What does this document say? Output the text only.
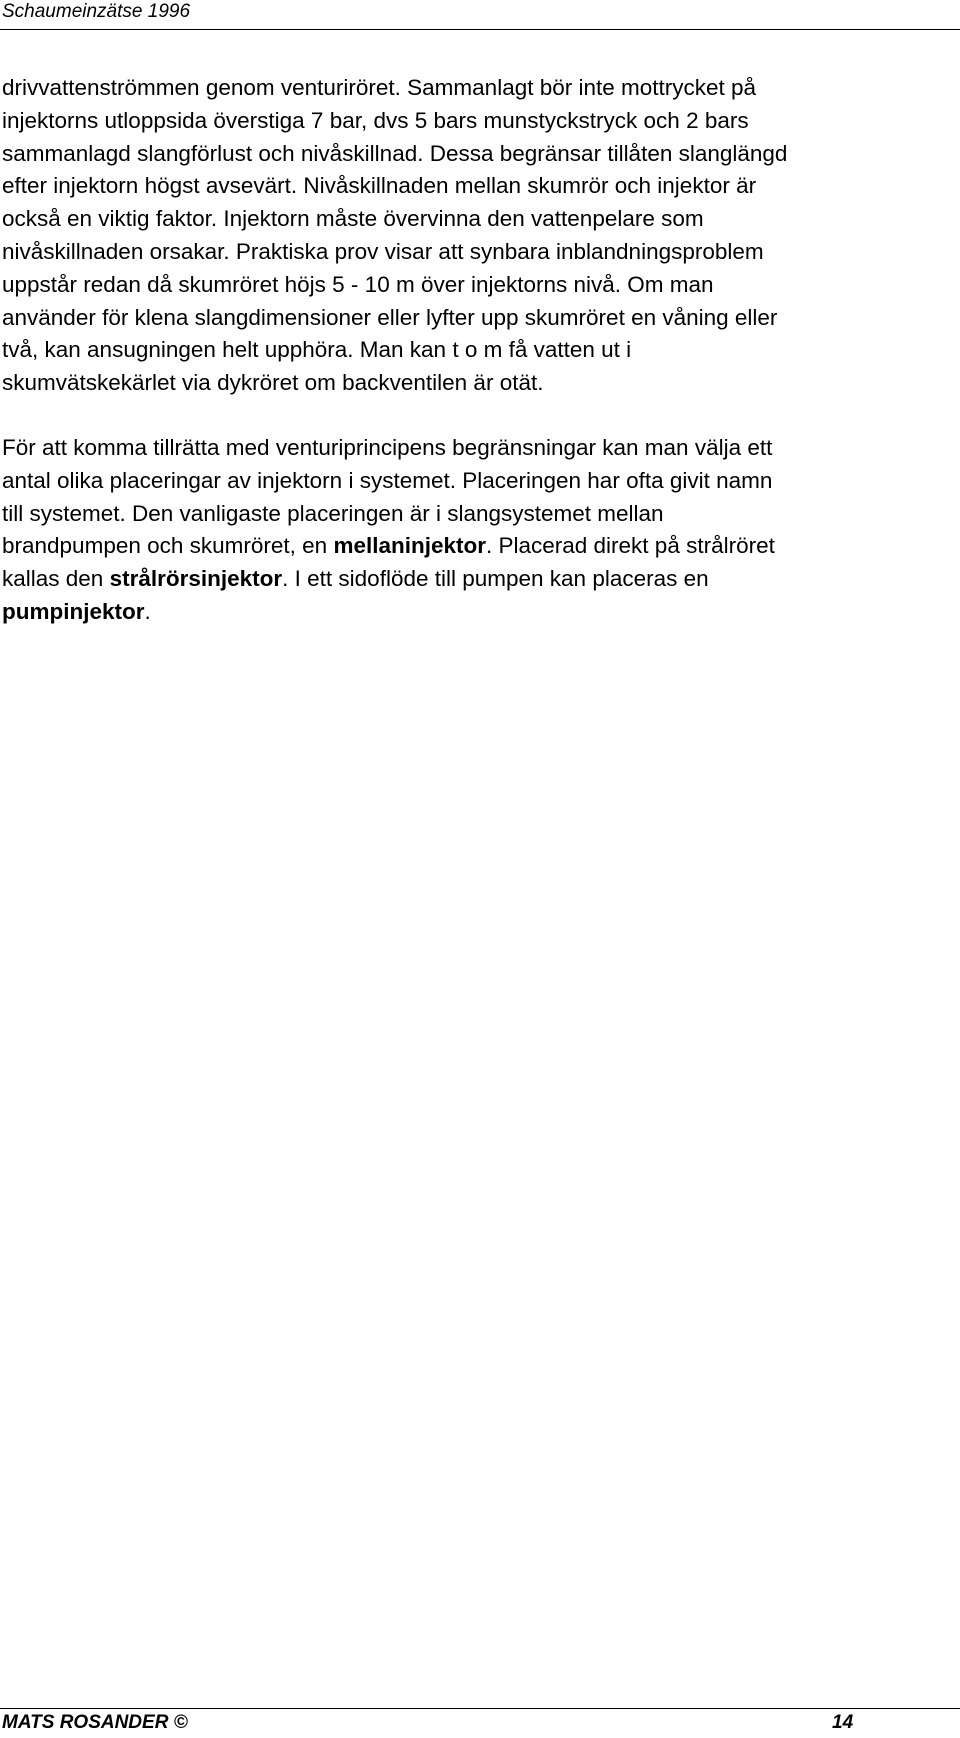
Schaumeinzätse 1996

drivvattenströmmen genom venturiröret. Sammanlagt bör inte mottrycket på
injektorns utloppsida överstiga 7 bar, dvs 5 bars munstyckstryck och 2 bars
sammanlagd slangförlust och nivåskillnad. Dessa begränsar tillåten slanglängd
efter injektorn högst avsevärt. Nivåskillnaden mellan skumrör och injektor är
också en viktig faktor. Injektorn måste övervinna den vattenpelare som
nivåskillnaden orsakar. Praktiska prov visar att synbara inblandningsproblem
uppstår redan då skumröret höjs 5 - 10 m över injektorns nivå. Om man
använder för klena slangdimensioner eller lyfter upp skumröret en våning eller
två, kan ansugningen helt upphöra. Man kan t o m få vatten ut i
skumvätskekärlet via dykröret om backventilen är otät.

För att komma tillrätta med venturiprincipens begränsningar kan man välja ett
antal olika placeringar av injektorn i systemet. Placeringen har ofta givit namn
till systemet. Den vanligaste placeringen är i slangsystemet mellan
brandpumpen och skumröret, en mellaninjektor. Placerad direkt på strålröret
kallas den strålrörsinjektor. I ett sidoflöde till pumpen kan placeras en
pumpinjektor.

MATS ROSANDER ©	14
